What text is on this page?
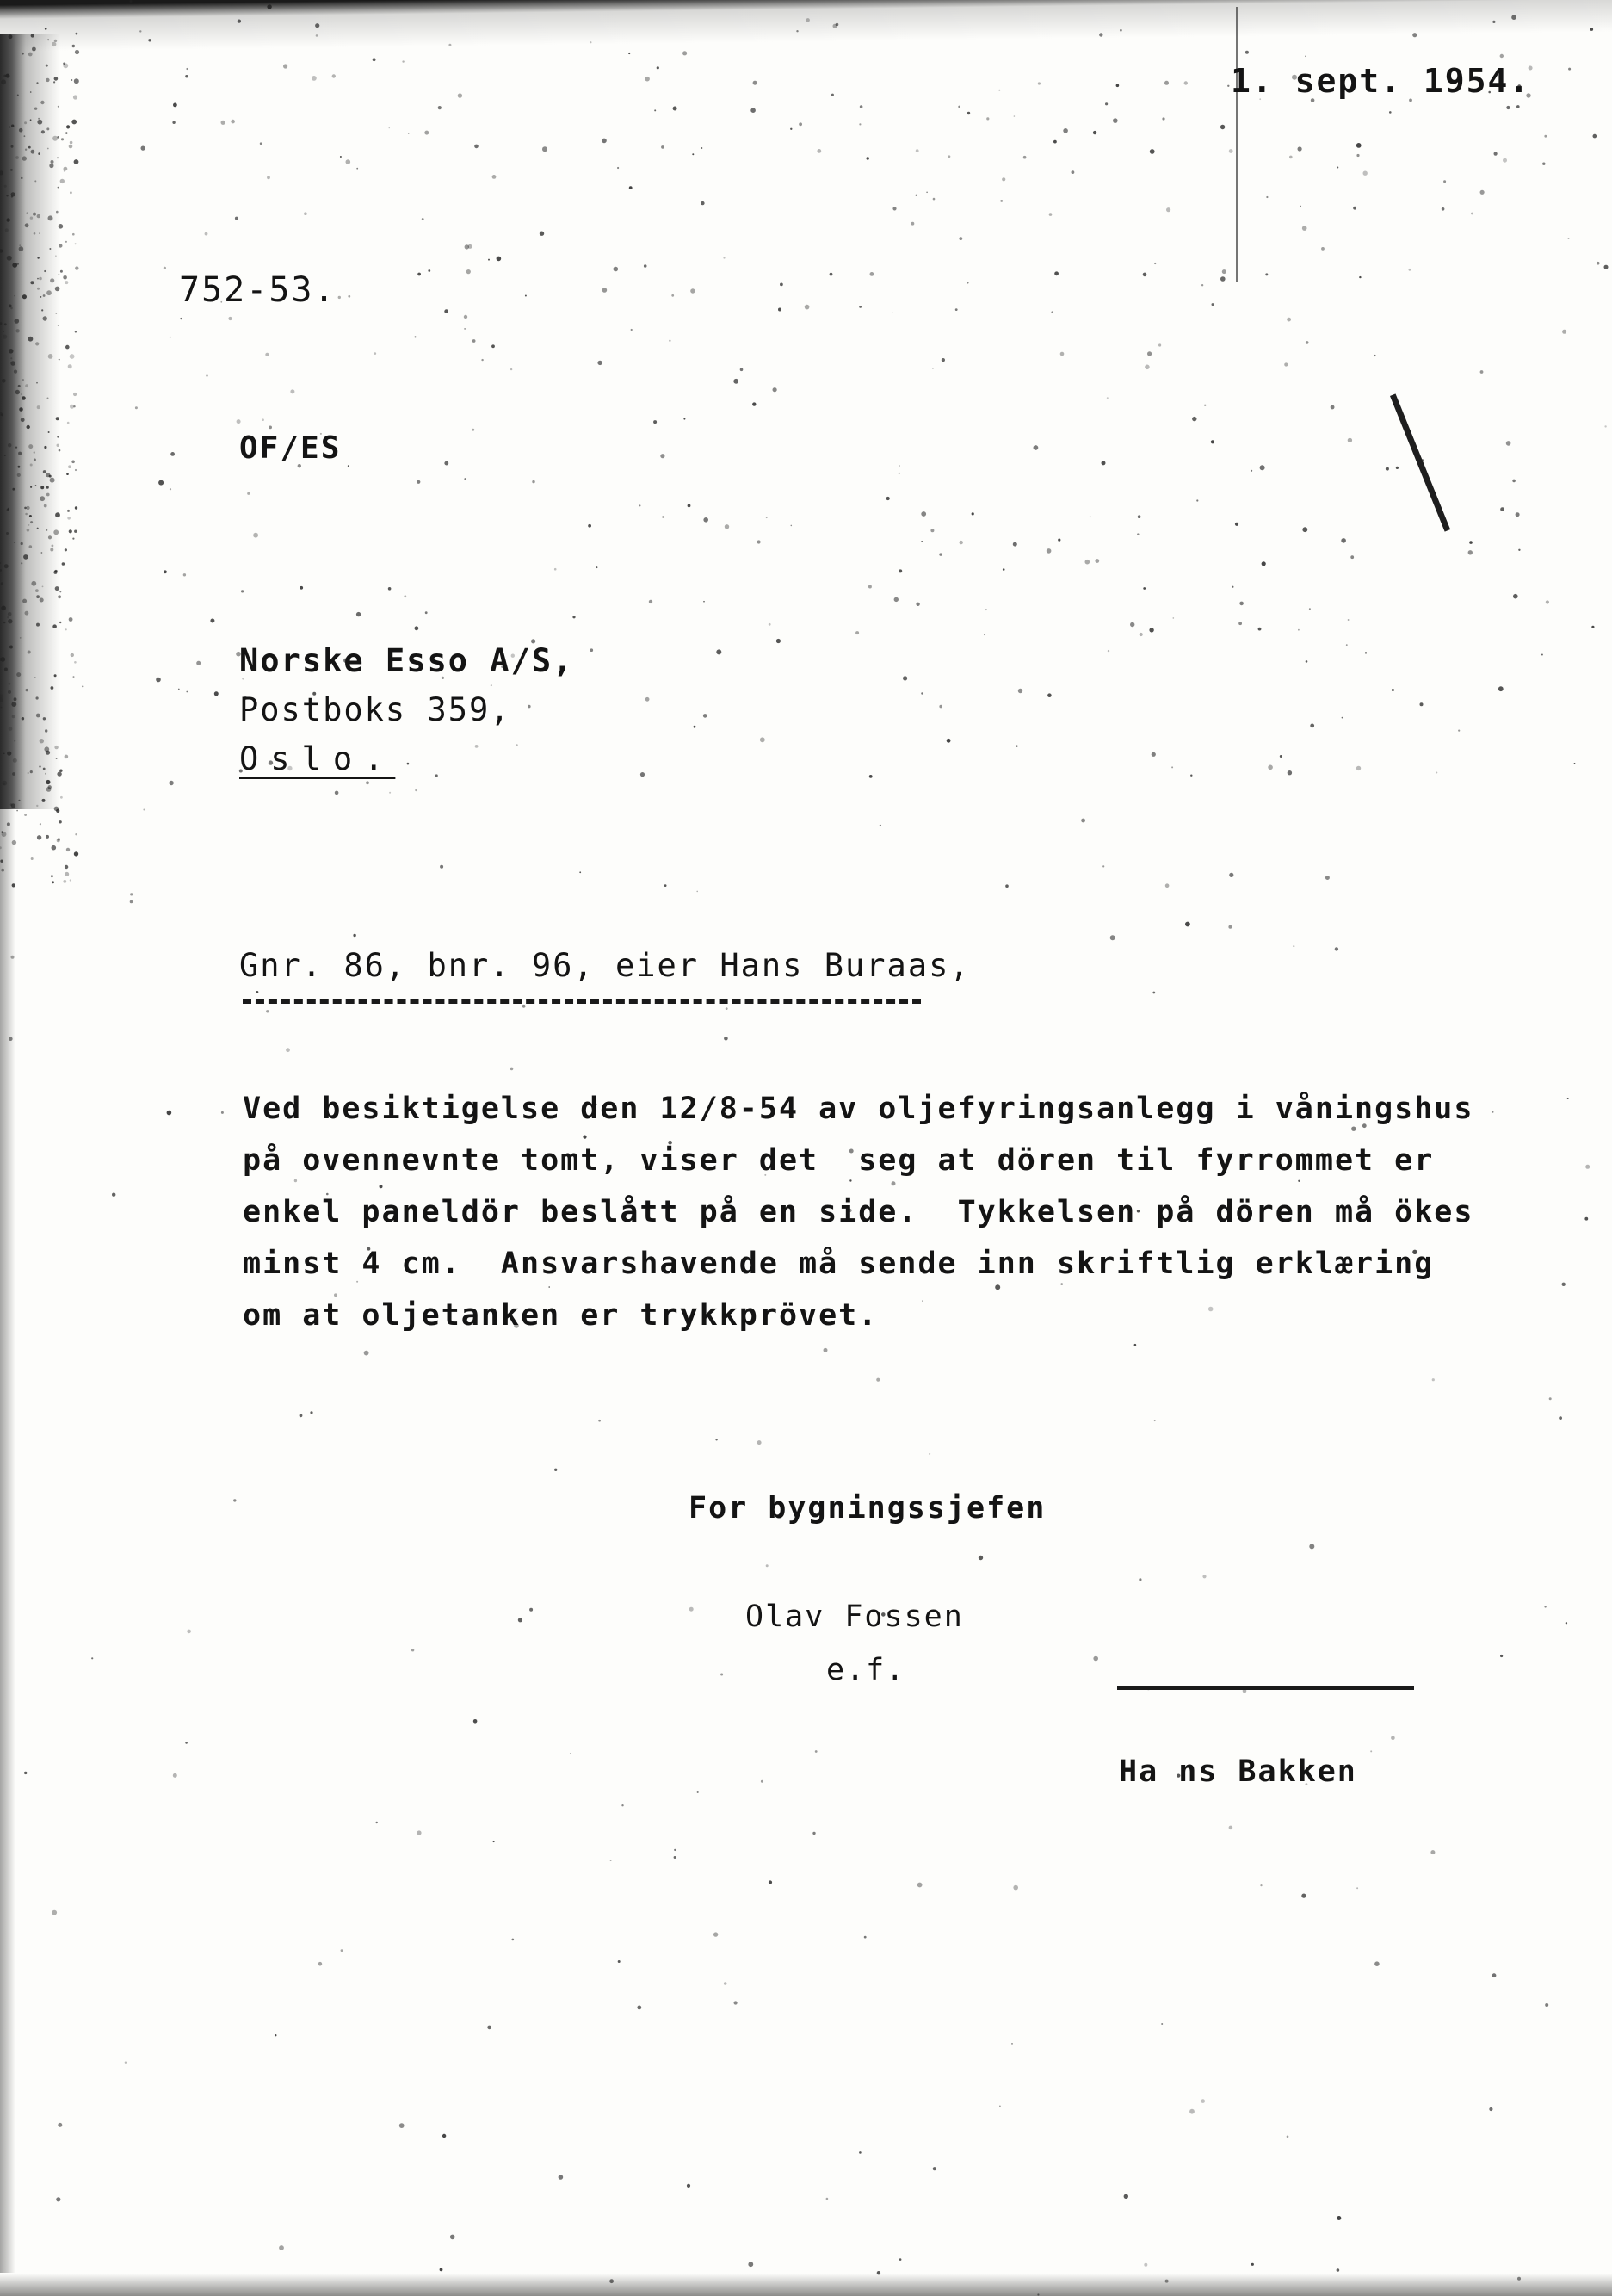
1. sept. 1954.
752-53.
OF/ES
Norske Esso A/S,
Postboks 359,
Oslo.
Gnr. 86, bnr. 96, eier Hans Buraas,
Ved besiktigelse den 12/8-54 av oljefyringsanlegg i våningshus
på ovennevnte tomt, viser det  seg at dören til fyrrommet er
enkel paneldör beslått på en side.  Tykkelsen på dören må ökes
minst 4 cm.  Ansvarshavende må sende inn skriftlig erklæring
om at oljetanken er trykkprövet.
For bygningssjefen
Olav Fossen
e.f.
Ha ns Bakken
